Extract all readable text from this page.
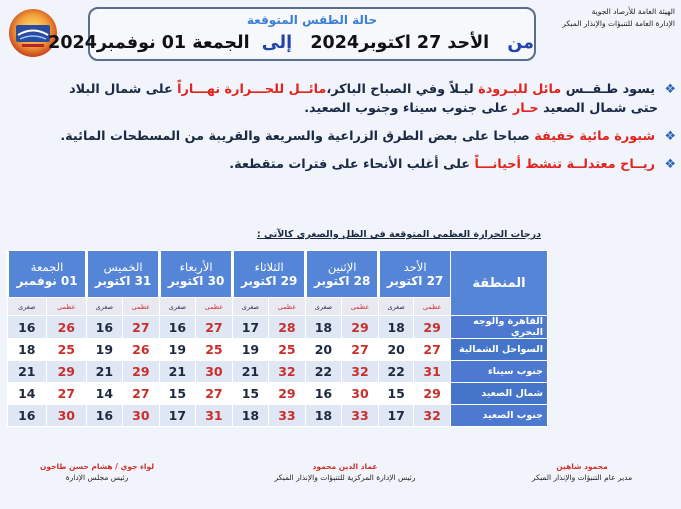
حالة الطقس المتوقعة
من   الأحد 27 اكتوبر2024   إلى  الجمعة 01 نوفمبر2024
الهيئة العامة للأرصاد الجوية
الإدارة العامة للتنبؤات والإنذار المبكر
❖ يسود طـقــس مائل للبـرودة ليـلاً وفي الصباح الباكر،مائــل للحـــرارة نهـــاراً على شمال البلاد
حتى شمال الصعيد حـار على جنوب سيناء وجنوب الصعيد.
❖ شبورة مائية خفيفة صباحا على بعض الطرق الزراعية والسريعة والقريبة من المسطحات المائية.
❖ ريــاح معتدلــة تنشط أحيانـــاً على أغلب الأنحاء على فترات متقطعة.
درجات الحرارة العظمى المتوقعة في الظل والصغرى كالآتي :
المنطقة	الأحد
27 اكتوبر		الإثنين
28 اكتوبر		الثلاثاء
29 اكتوبر		الأربعاء
30 اكتوبر		الخميس
31 اكتوبر		الجمعة
01 نوفمبر	

	عظمى	صغرى	عظمى	صغرى	عظمى	صغرى	عظمى	صغرى	عظمى	صغرى	عظمى	صغرى
القاهرة والوجه البحري	29	18	29	18	28	17	27	16	27	16	26	16
السواحل الشمالية	27	20	27	20	25	19	25	19	26	19	25	18
جنوب سيناء	31	22	32	22	32	21	30	21	29	21	29	21
شمال الصعيد	29	15	30	16	29	15	27	15	27	14	27	14
جنوب الصعيد	32	17	33	18	33	18	31	17	30	16	30	16
محمود شاهين
مدير عام التنبؤات والإنذار المبكر
عماد الدين محمود
رئيس الإدارة المركزية للتنبؤات والإنذار المبكر
لواء جوي / هشام حسن طاحون
رئيس مجلس الإدارة
